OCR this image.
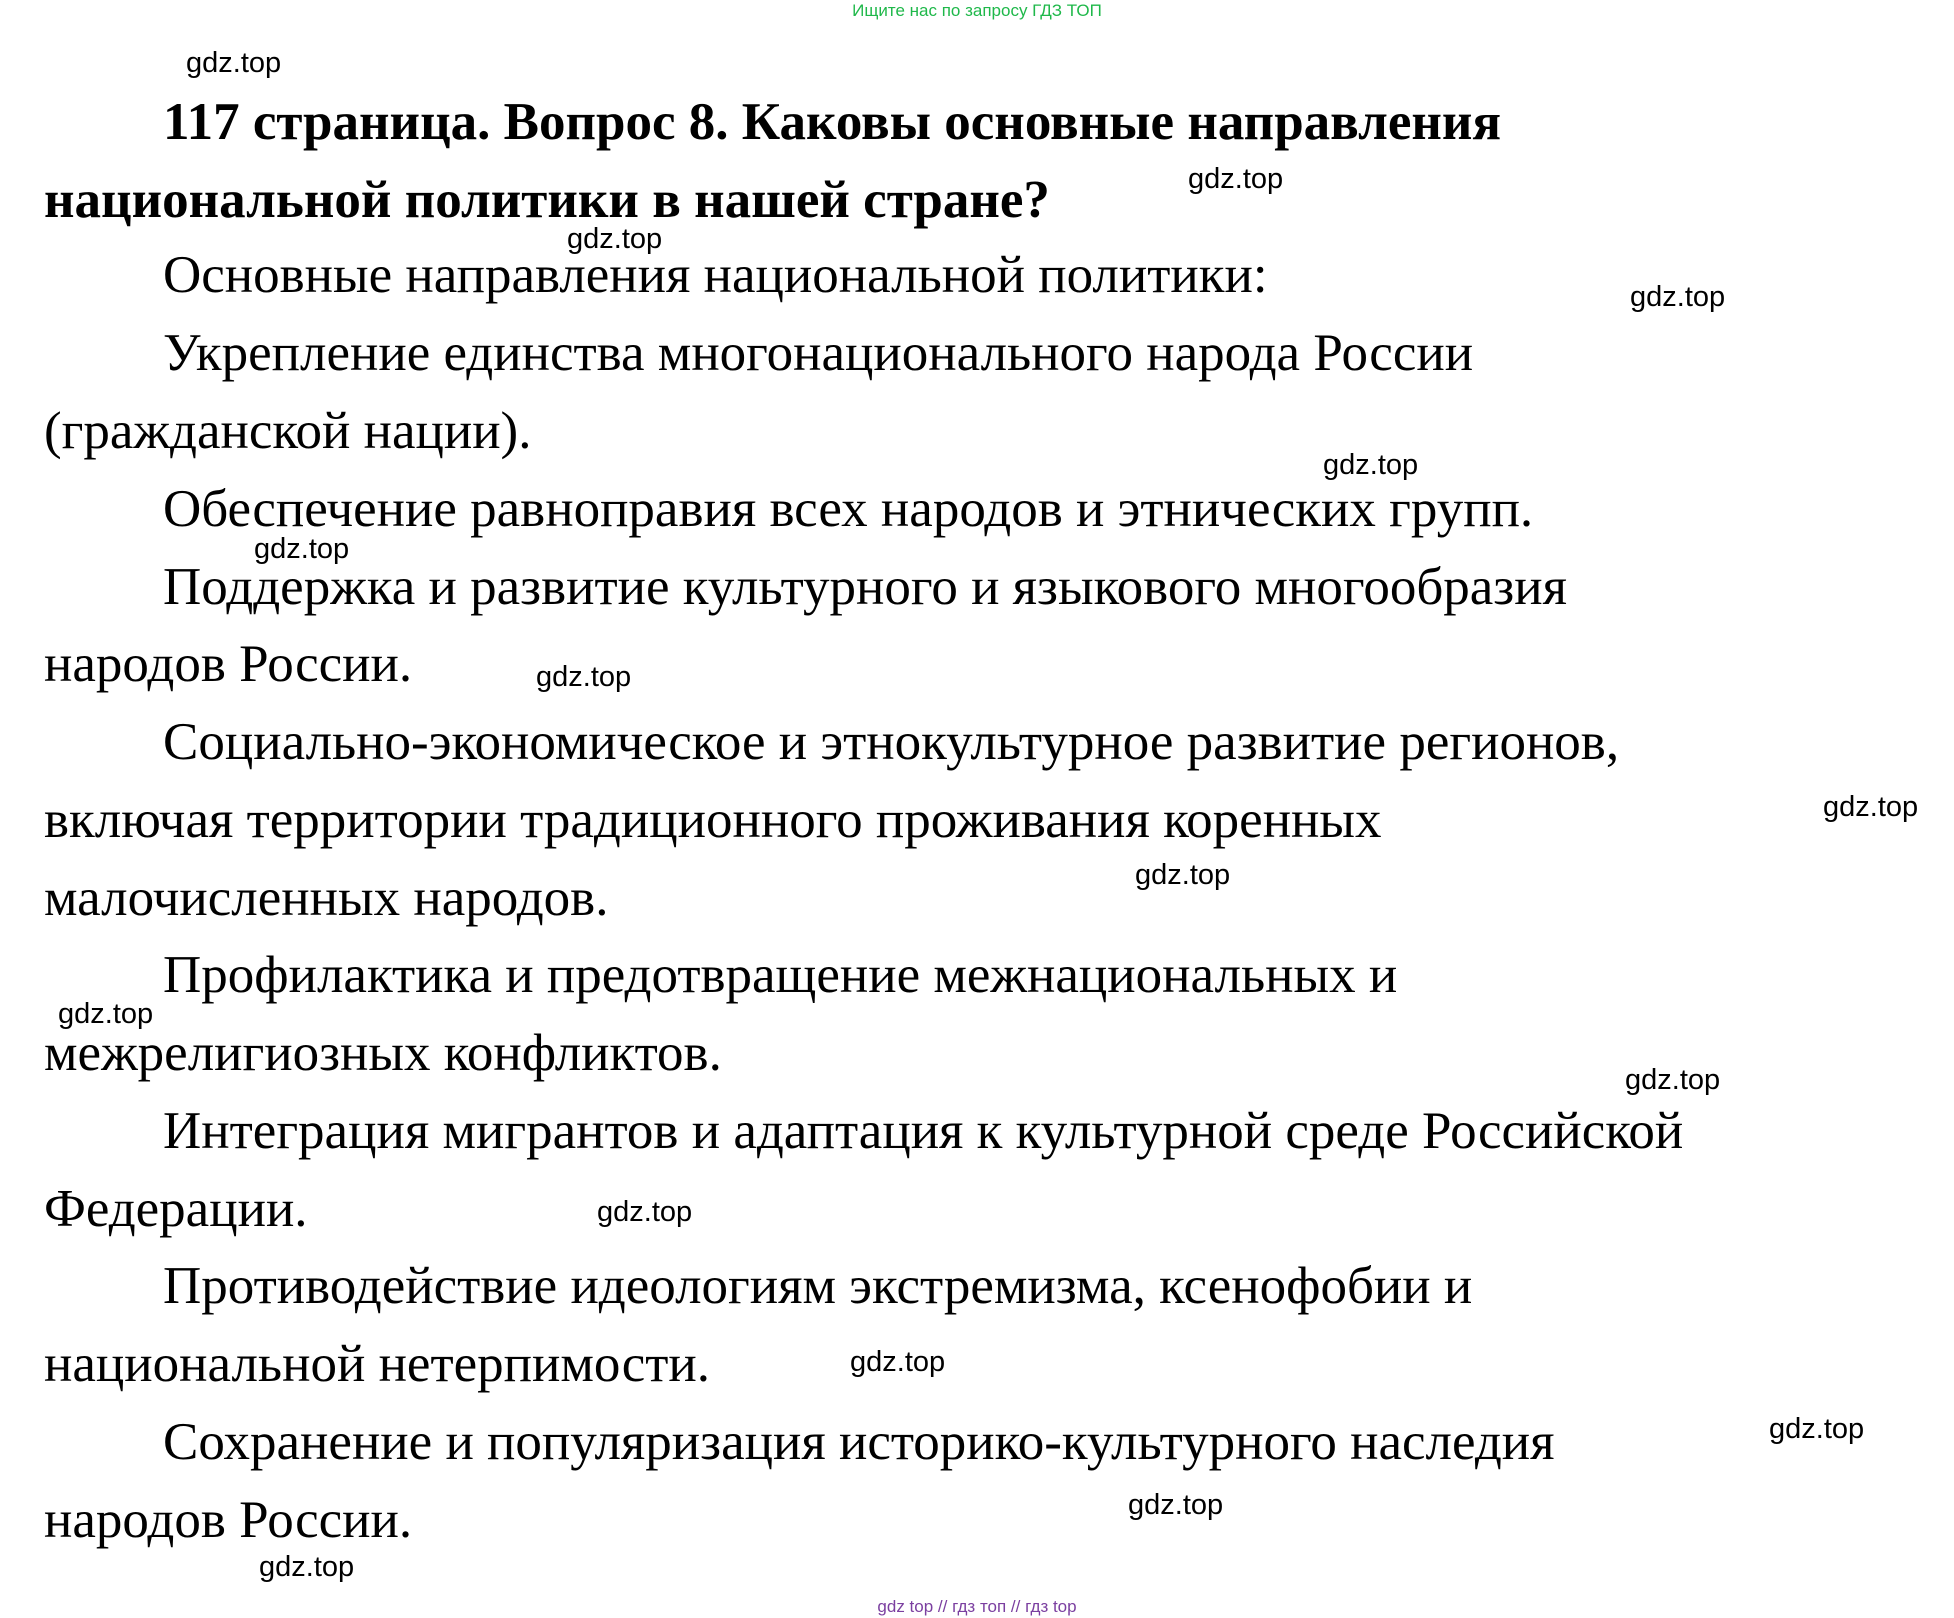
Ищите нас по запросу ГДЗ ТОП
117 страница. Вопрос 8. Каковы основные направления
национальной политики в нашей стране?
Основные направления национальной политики:
Укрепление единства многонационального народа России
(гражданской нации).
Обеспечение равноправия всех народов и этнических групп.
Поддержка и развитие культурного и языкового многообразия
народов России.
Социально-экономическое и этнокультурное развитие регионов,
включая территории традиционного проживания коренных
малочисленных народов.
Профилактика и предотвращение межнациональных и
межрелигиозных конфликтов.
Интеграция мигрантов и адаптация к культурной среде Российской
Федерации.
Противодействие идеологиям экстремизма, ксенофобии и
национальной нетерпимости.
Сохранение и популяризация историко-культурного наследия
народов России.
gdz.top
gdz.top
gdz.top
gdz.top
gdz.top
gdz.top
gdz.top
gdz.top
gdz.top
gdz.top
gdz.top
gdz.top
gdz.top
gdz.top
gdz.top
gdz.top
gdz top // гдз топ // гдз top
